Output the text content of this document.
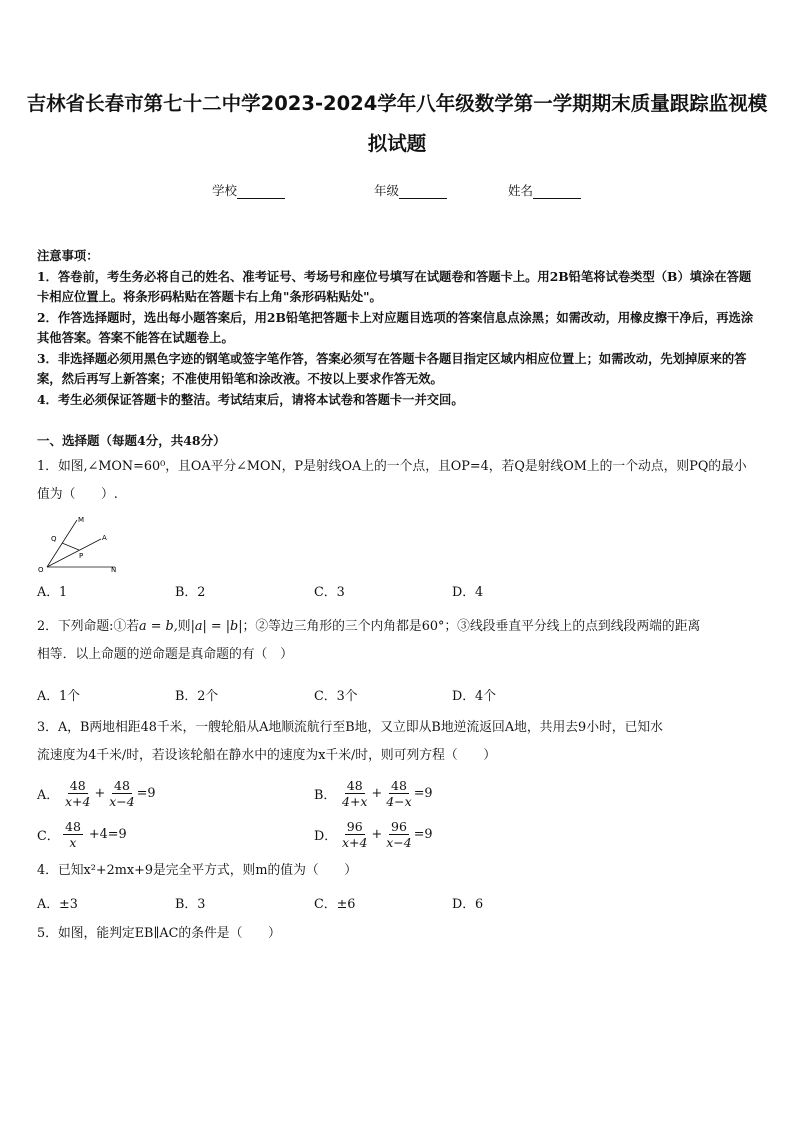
吉林省长春市第七十二中学2023-2024学年八年级数学第一学期期末质量跟踪监视模
拟试题
学校	年级	姓名

注意事项：

1．答卷前，考生务必将自己的姓名、准考证号、考场号和座位号填写在试题卷和答题卡上。用2B铅笔将试卷类型（B）填涂在答题卡相应位置上。将条形码粘贴在答题卡右上角"条形码粘贴处"。

2．作答选择题时，选出每小题答案后，用2B铅笔把答题卡上对应题目选项的答案信息点涂黑；如需改动，用橡皮擦干净后，再选涂其他答案。答案不能答在试题卷上。

3．非选择题必须用黑色字迹的钢笔或签字笔作答，答案必须写在答题卡各题目指定区域内相应位置上；如需改动，先划掉原来的答案，然后再写上新答案；不准使用铅笔和涂改液。不按以上要求作答无效。

4．考生必须保证答题卡的整洁。考试结束后，请将本试卷和答题卡一并交回。

一、选择题（每题4分，共48分）
1．如图,∠MON=60⁰，且OA平分∠MON，P是射线OA上的一个点，且OP=4，若Q是射线OM上的一个动点，则PQ的最小值为（　　）.
M
Q	A
P
O	N
A．1	B．2	C．3	D．4
2．下列命题:①若a = b,则|a| = |b|；②等边三角形的三个内角都是60°；③线段垂直平分线上的点到线段两端的距离
相等．以上命题的逆命题是真命题的有（　）
A．1个	B．2个	C．3个	D．4个
3．A，B两地相距48千米，一艘轮船从A地顺流航行至B地，又立即从B地逆流返回A地，共用去9小时，已知水
流速度为4千米/时，若设该轮船在静水中的速度为x千米/时，则可列方程（　　）
A． $\frac{48}{x+4} + \frac{48}{x-4} =9$	B． $\frac{48}{4+x} + \frac{48}{4-x} =9$
C． $\frac{48}{x} +4=9$	D． $\frac{96}{x+4} + \frac{96}{x-4} =9$
4．已知x²+2mx+9是完全平方式，则m的值为（　　）
A．±3	B．3	C．±6	D．6
5．如图，能判定EB∥AC的条件是（　　）
